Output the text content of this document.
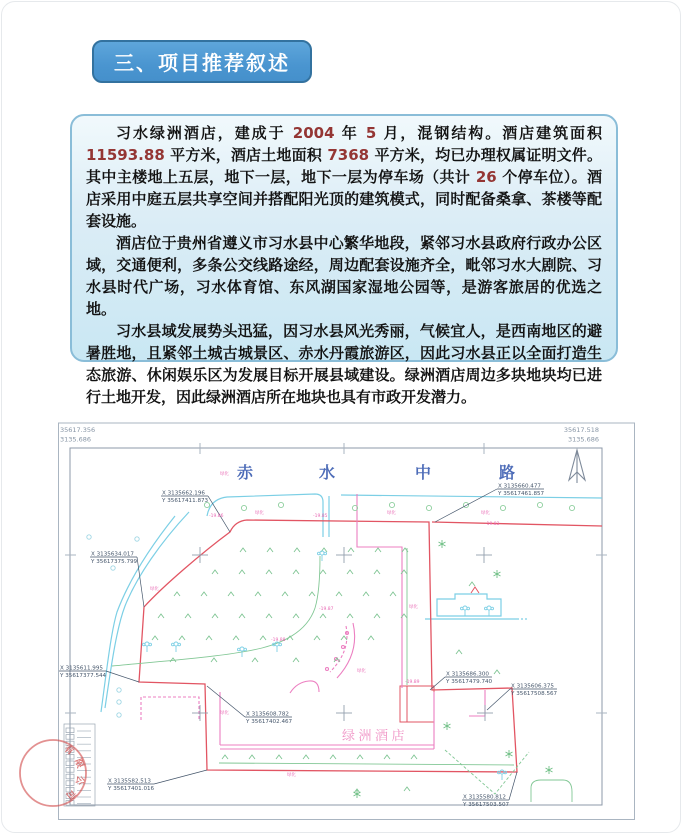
三、项目推荐叙述

习水绿洲酒店，建成于 2004 年 5 月，混钢结构。酒店建筑面积 11593.88 平方米，酒店土地面积 7368 平方米，均已办理权属证明文件。其中主楼地上五层，地下一层，地下一层为停车场（共计 26 个停车位）。酒店采用中庭五层共享空间并搭配阳光顶的建筑模式，同时配备桑拿、茶楼等配套设施。

酒店位于贵州省遵义市习水县中心繁华地段，紧邻习水县政府行政办公区域，交通便利，多条公交线路途经，周边配套设施齐全，毗邻习水大剧院、习水县时代广场，习水体育馆、东风湖国家湿地公园等，是游客旅居的优选之地。

习水县域发展势头迅猛，因习水县风光秀丽，气候宜人，是西南地区的避暑胜地，且紧邻土城古城景区、赤水丹霞旅游区，因此习水县正以全面打造生态旅游、休闲娱乐区为发展目标开展县域建设。绿洲酒店周边多块地块均已进行土地开发，因此绿洲酒店所在地块也具有市政开发潜力。

35617.356
3135.686
35617.518
3135.686
赤	水	中	路
绿洲酒店
有
限
公
司
X 3135662.196
Y 35617411.873
X 3135660.477
Y 35617461.857
X 3135634.017
Y 35617375.799
X 3135611.995
Y 35617377.544
X 3135608.782
Y 35617402.467
X 3135582.513
Y 35617401.016
X 3135686.300
Y 35617479.740
X 3135606.375
Y 35617508.567
X 3135580.812
Y 35617503.507
绿化
绿化
绿化	绿化	绿化
绿化
绿化
绿化
绿化
-19.86	-19.85
-19.88
-19.87
-19.83
-19.89
